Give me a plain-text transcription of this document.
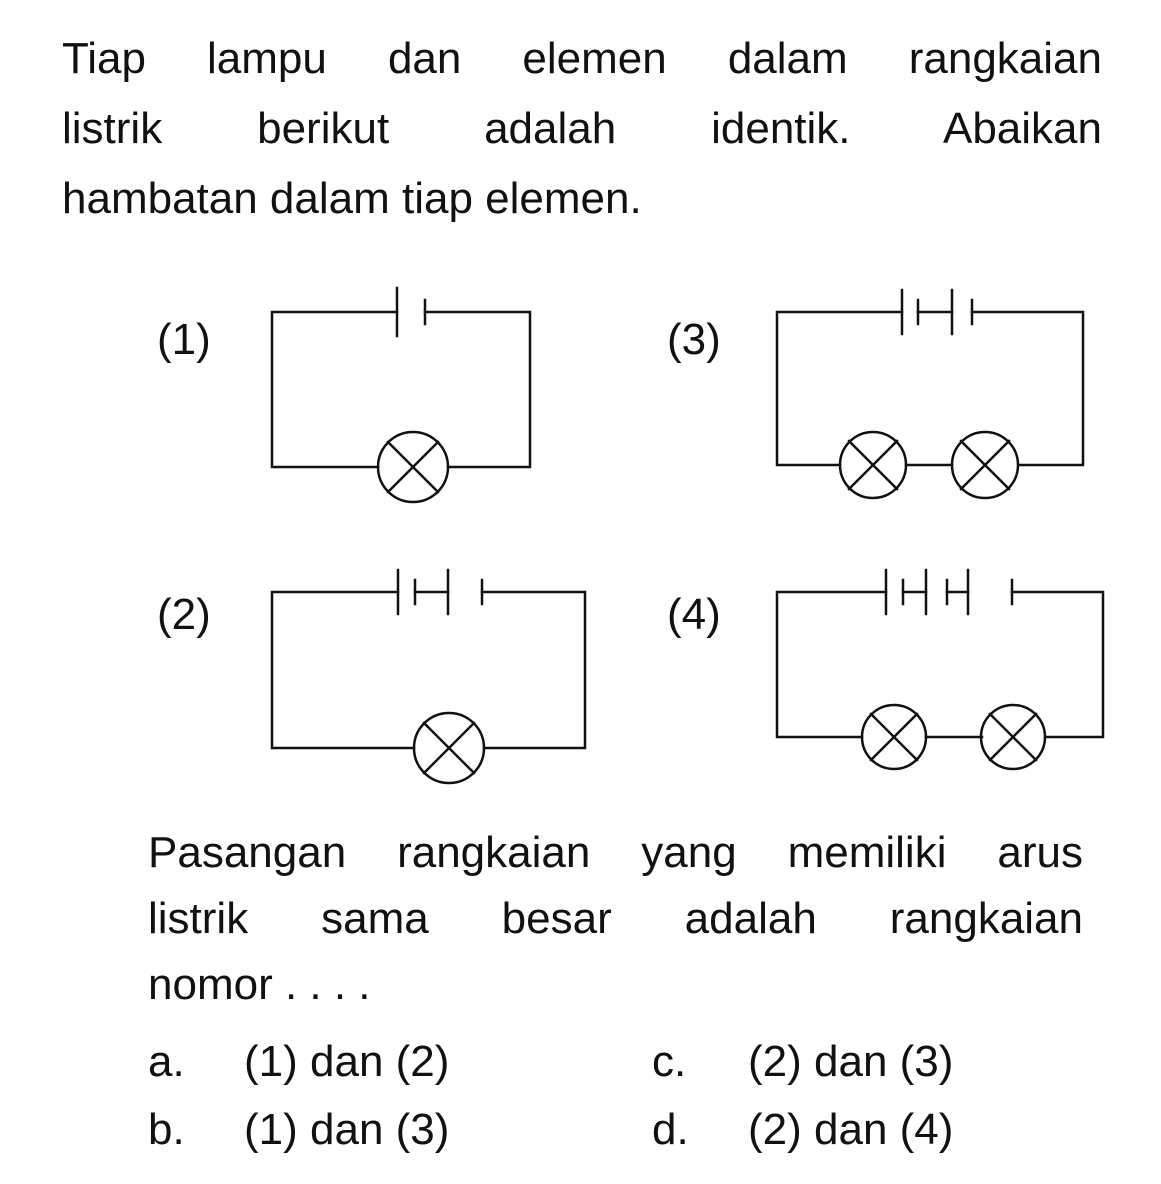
Tiap lampu dan elemen dalam rangkaian
listrik berikut adalah identik. Abaikan
hambatan dalam tiap elemen.
(1)
(2)
(3)
(4)
Pasangan rangkaian yang memiliki arus
listrik sama besar adalah rangkaian
nomor . . . .
a. (1) dan (2)
b. (1) dan (3)
c. (2) dan (3)
d. (2) dan (4)
